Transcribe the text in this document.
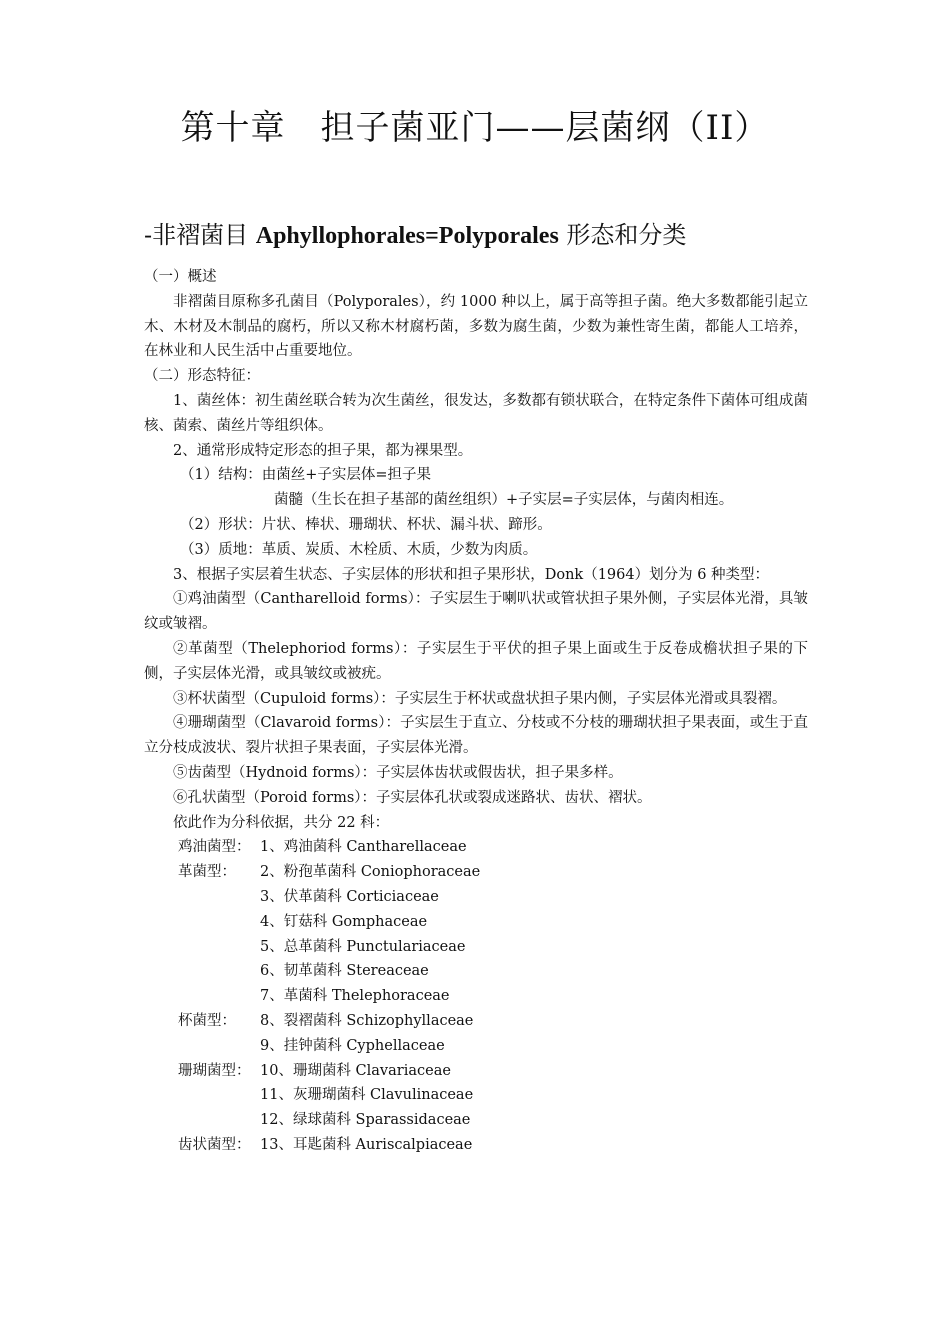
第十章　担子菌亚门——层菌纲（II）
-非褶菌目 Aphyllophorales=Polyporales 形态和分类

（一）概述

非褶菌目原称多孔菌目（Polyporales），约 1000 种以上，属于高等担子菌。绝大多数都能引起立木、木材及木制品的腐朽，所以又称木材腐朽菌，多数为腐生菌，少数为兼性寄生菌，都能人工培养，在林业和人民生活中占重要地位。

（二）形态特征：

1、菌丝体：初生菌丝联合转为次生菌丝，很发达，多数都有锁状联合，在特定条件下菌体可组成菌核、菌索、菌丝片等组织体。

2、通常形成特定形态的担子果，都为裸果型。

（1）结构：由菌丝+子实层体=担子果

菌髓（生长在担子基部的菌丝组织）+子实层=子实层体，与菌肉相连。

（2）形状：片状、棒状、珊瑚状、杯状、漏斗状、蹄形。

（3）质地：革质、炭质、木栓质、木质，少数为肉质。

3、根据子实层着生状态、子实层体的形状和担子果形状，Donk（1964）划分为 6 种类型：

①鸡油菌型（Cantharelloid forms）：子实层生于喇叭状或管状担子果外侧，子实层体光滑，具皱纹或皱褶。

②革菌型（Thelephoriod forms）：子实层生于平伏的担子果上面或生于反卷成檐状担子果的下侧，子实层体光滑，或具皱纹或被疣。

③杯状菌型（Cupuloid forms）：子实层生于杯状或盘状担子果内侧，子实层体光滑或具裂褶。

④珊瑚菌型（Clavaroid forms）：子实层生于直立、分枝或不分枝的珊瑚状担子果表面，或生于直立分枝成波状、裂片状担子果表面，子实层体光滑。

⑤齿菌型（Hydnoid forms）：子实层体齿状或假齿状，担子果多样。

⑥孔状菌型（Poroid forms）：子实层体孔状或裂成迷路状、齿状、褶状。

依此作为分科依据，共分 22 科：

鸡油菌型： 1、鸡油菌科 Cantharellaceae
革菌型：	2、粉孢革菌科 Coniophoraceae
3、伏革菌科 Corticiaceae
4、钉菇科 Gomphaceae
5、总革菌科 Punctulariaceae
6、韧革菌科 Stereaceae
7、革菌科 Thelephoraceae
杯菌型：	8、裂褶菌科 Schizophyllaceae
9、挂钟菌科 Cyphellaceae
珊瑚菌型： 10、珊瑚菌科 Clavariaceae
11、灰珊瑚菌科 Clavulinaceae
12、绿球菌科 Sparassidaceae
齿状菌型： 13、耳匙菌科 Auriscalpiaceae
